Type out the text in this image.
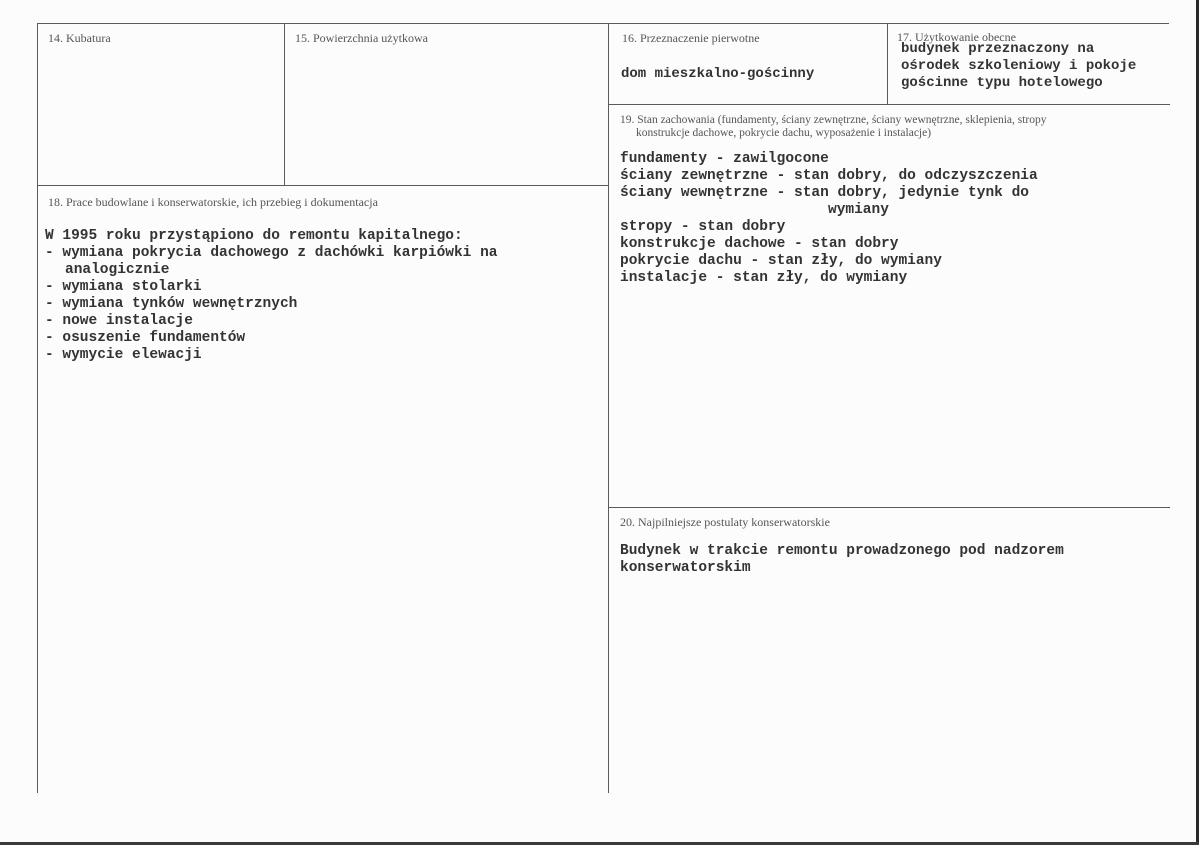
14. Kubatura	15. Powierzchnia użytkowa	16. Przeznaczenie pierwotne
dom mieszkalno-gościnny
17. Użytkowanie obecne
budynek przeznaczony na
ośrodek szkoleniowy i pokoje
gościnne typu hotelowego
18. Prace budowlane i konserwatorskie, ich przebieg i dokumentacja
W 1995 roku przystąpiono do remontu kapitalnego:
- wymiana pokrycia dachowego z dachówki karpiówki na
analogicznie
- wymiana stolarki
- wymiana tynków wewnętrznych
- nowe instalacje
- osuszenie fundamentów
- wymycie elewacji
19. Stan zachowania (fundamenty, ściany zewnętrzne, ściany wewnętrzne, sklepienia, stropy
konstrukcje dachowe, pokrycie dachu, wyposażenie i instalacje)
fundamenty - zawilgocone
ściany zewnętrzne - stan dobry, do odczyszczenia
ściany wewnętrzne - stan dobry, jedynie tynk do
wymiany
stropy - stan dobry
konstrukcje dachowe - stan dobry
pokrycie dachu - stan zły, do wymiany
instalacje - stan zły, do wymiany
20. Najpilniejsze postulaty konserwatorskie
Budynek w trakcie remontu prowadzonego pod nadzorem
konserwatorskim
